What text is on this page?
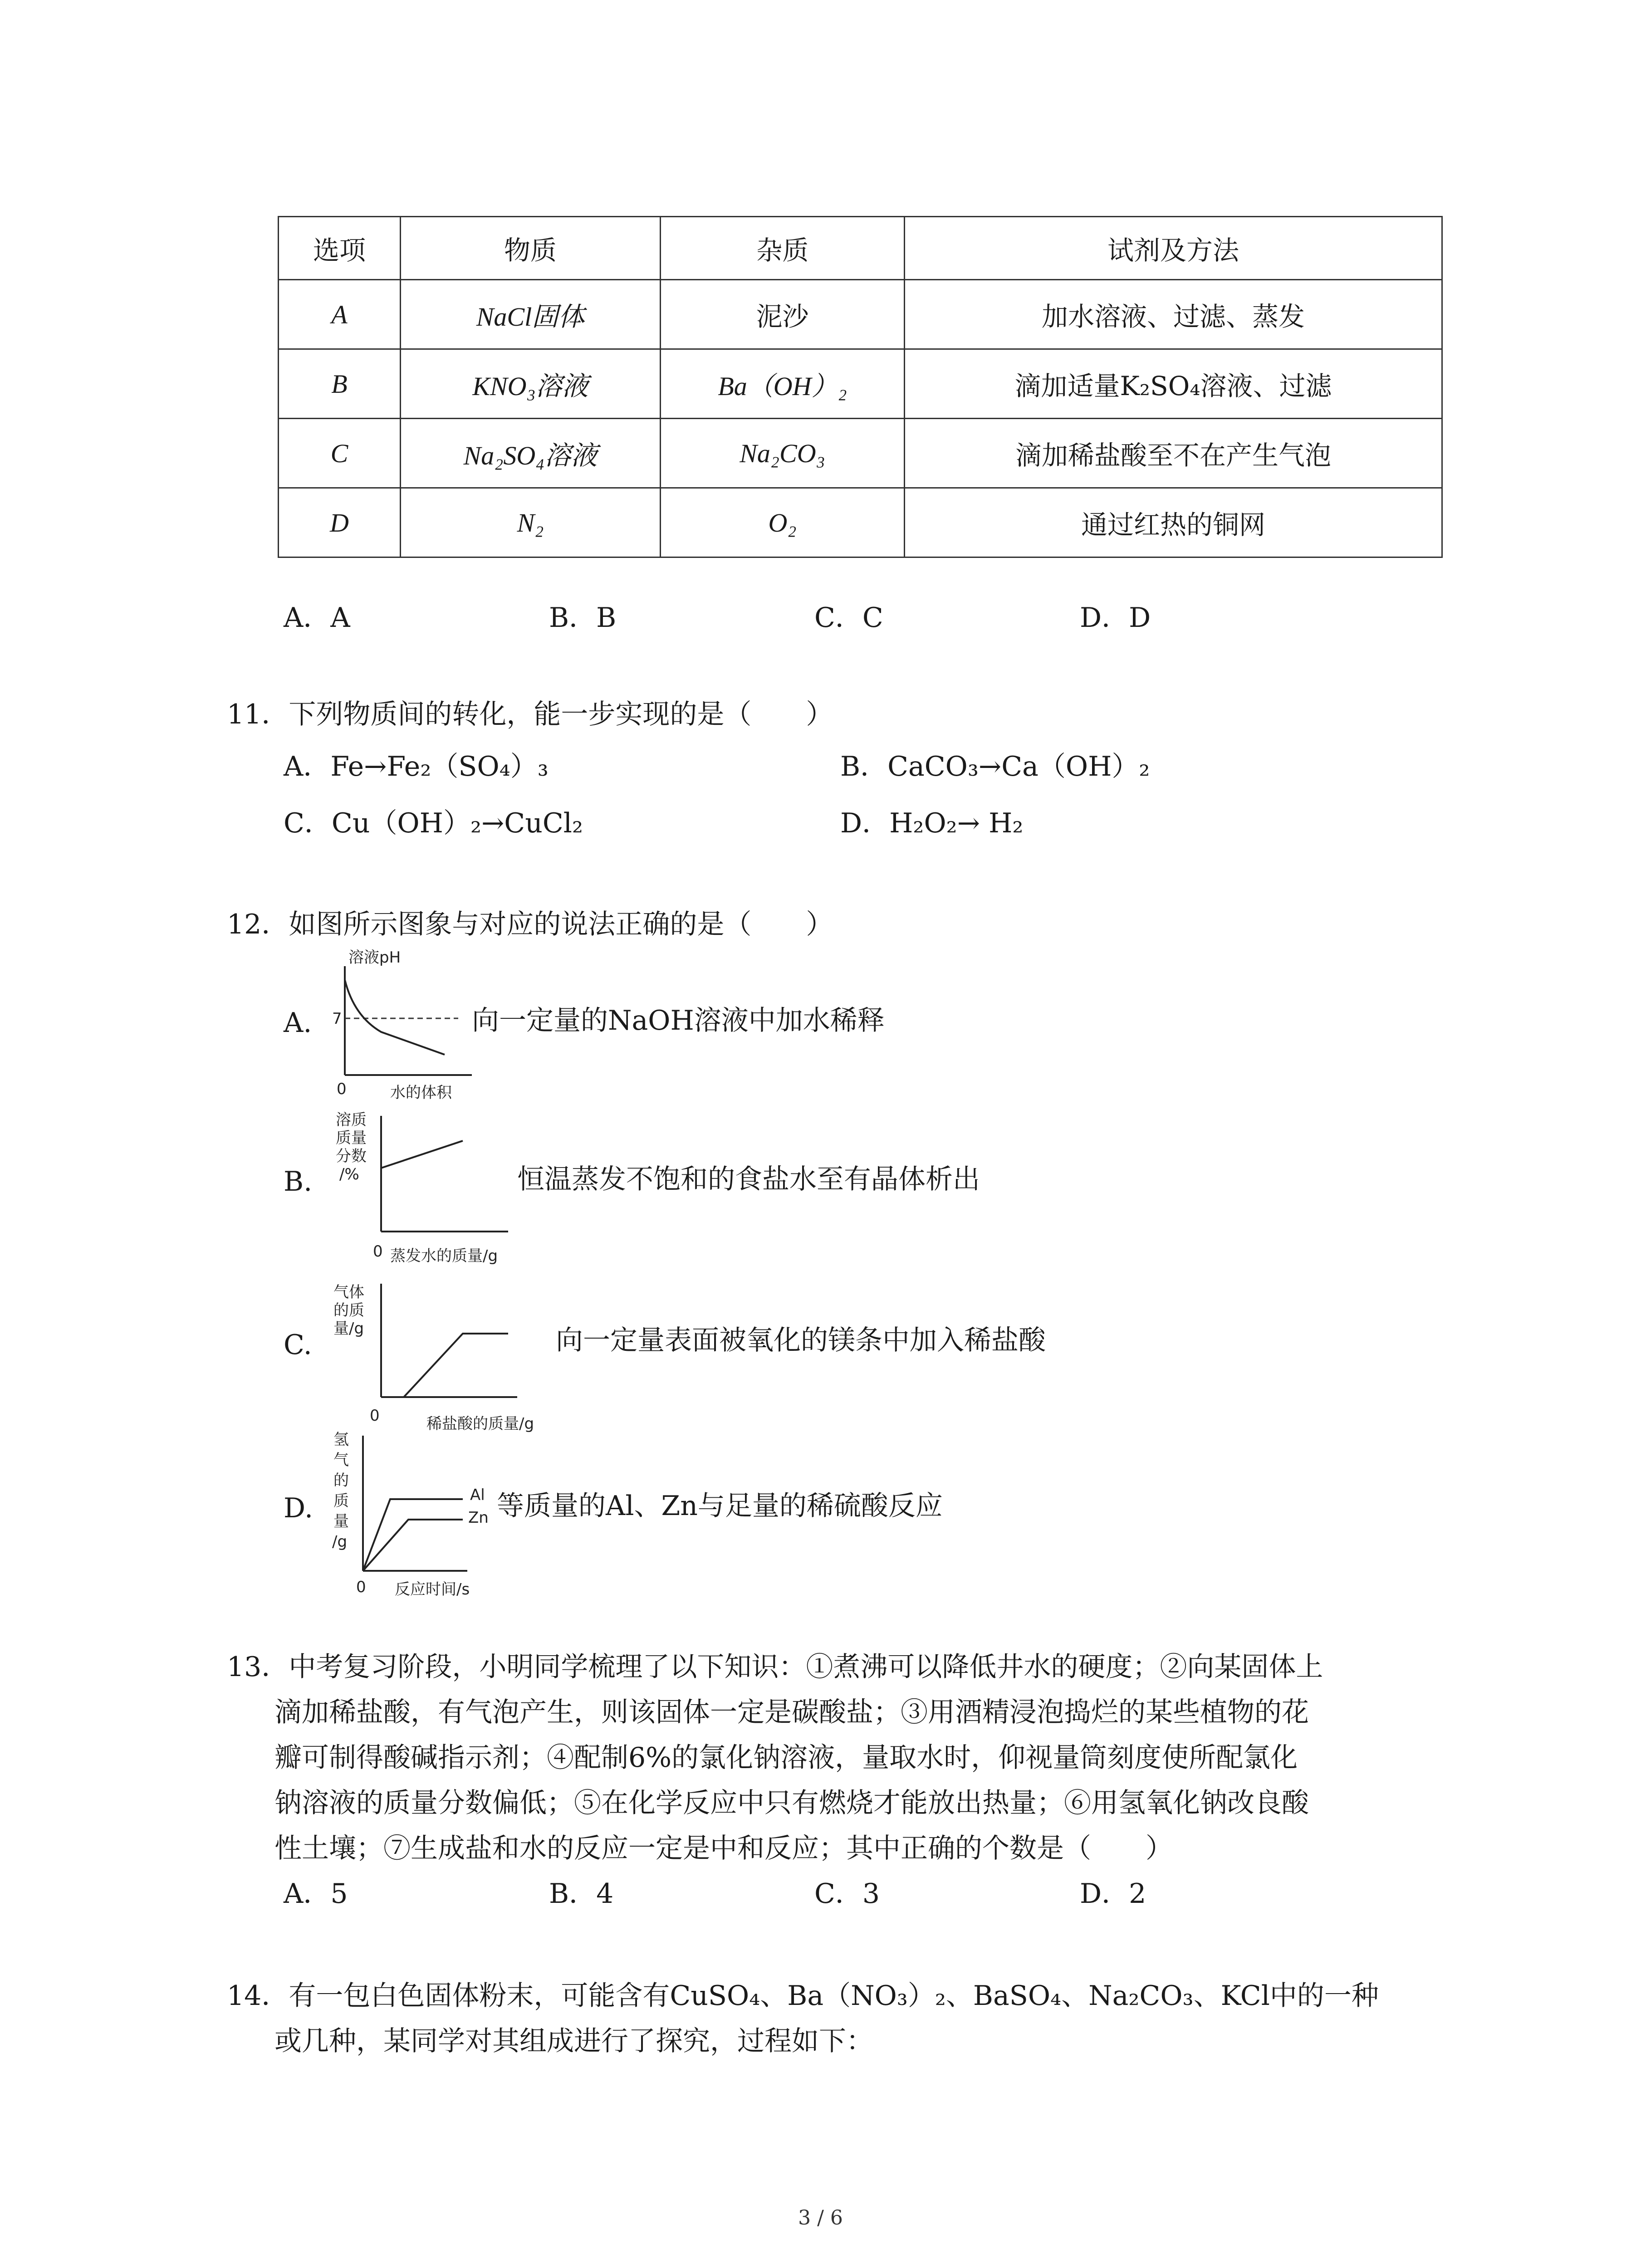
选项	物质	杂质	试剂及方法
A	NaCl固体	泥沙	加水溶液、过滤、蒸发
B	KNO₃溶液	Ba（OH）₂	滴加适量K₂SO₄溶液、过滤
C	Na₂SO₄溶液	Na₂CO₃	滴加稀盐酸至不在产生气泡
D	N₂	O₂	通过红热的铜网
A．A	B．B	C．C	D．D
11．下列物质间的转化，能一步实现的是（　　）
A．Fe→Fe₂（SO₄）₃	B．CaCO₃→Ca（OH）₂
C．Cu（OH）₂→CuCl₂	D．H₂O₂→ H₂
12．如图所示图象与对应的说法正确的是（　　）
A.
溶液pH
7
0	水的体积
向一定量的NaOH溶液中加水稀释
B.
溶质
质量
分数
/%
0 蒸发水的质量/g
恒温蒸发不饱和的食盐水至有晶体析出
C.
气体
的质
量/g
0	稀盐酸的质量/g
向一定量表面被氧化的镁条中加入稀盐酸
D.
氢
气
的
质
量
/g
0 反应时间/s
Al
Zn 等质量的Al、Zn与足量的稀硫酸反应
13．中考复习阶段，小明同学梳理了以下知识：①煮沸可以降低井水的硬度；②向某固体上
滴加稀盐酸，有气泡产生，则该固体一定是碳酸盐；③用酒精浸泡捣烂的某些植物的花
瓣可制得酸碱指示剂；④配制6%的氯化钠溶液，量取水时，仰视量筒刻度使所配氯化
钠溶液的质量分数偏低；⑤在化学反应中只有燃烧才能放出热量；⑥用氢氧化钠改良酸
性土壤；⑦生成盐和水的反应一定是中和反应；其中正确的个数是（　　）
A．5	B．4	C．3	D．2
14．有一包白色固体粉末，可能含有CuSO₄、Ba（NO₃）₂、BaSO₄、Na₂CO₃、KCl中的一种
或几种，某同学对其组成进行了探究，过程如下：
3 / 6
